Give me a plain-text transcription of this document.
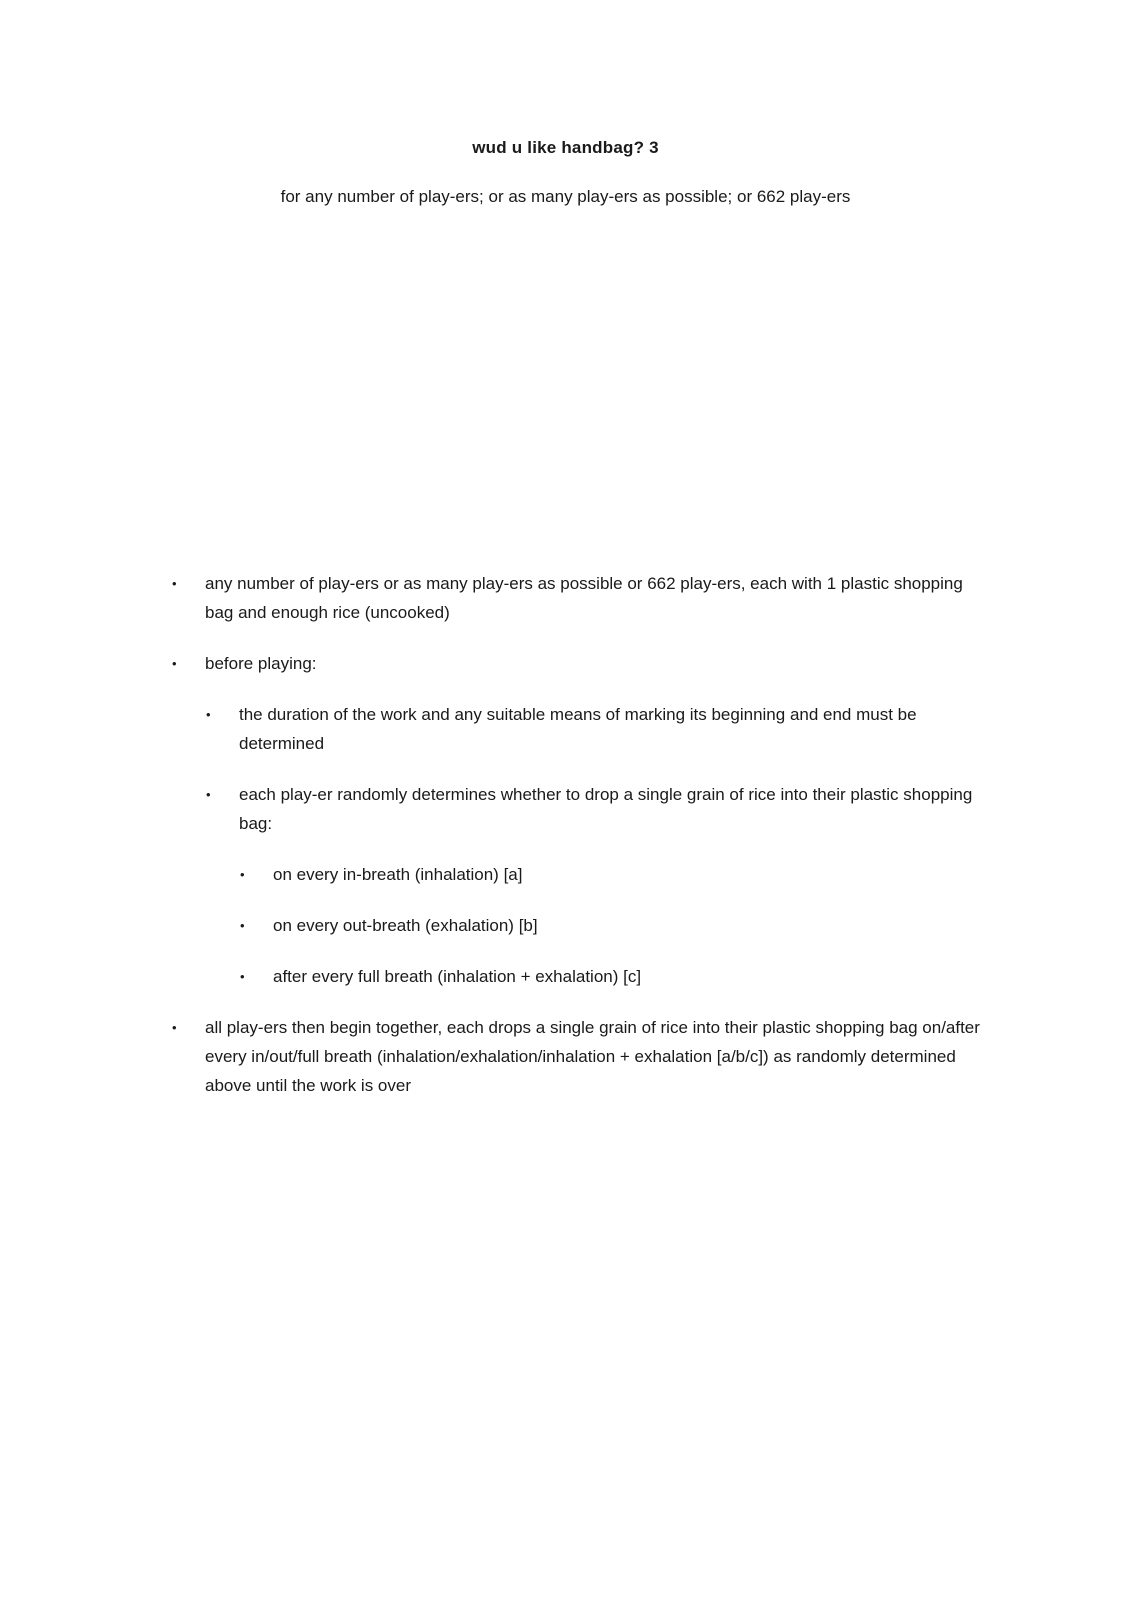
wud u like handbag? 3
for any number of play-ers; or as many play-ers as possible; or 662 play-ers
• any number of play-ers or as many play-ers as possible or 662 play-ers, each with 1 plastic shopping bag and enough rice (uncooked)
• before playing:
• the duration of the work and any suitable means of marking its beginning and end must be determined
• each play-er randomly determines whether to drop a single grain of rice into their plastic shopping bag:
• on every in-breath (inhalation) [a]
• on every out-breath (exhalation) [b]
• after every full breath (inhalation + exhalation) [c]
• all play-ers then begin together, each drops a single grain of rice into their plastic shopping bag on/after every in/out/full breath (inhalation/exhalation/inhalation + exhalation [a/b/c]) as randomly determined above until the work is over
